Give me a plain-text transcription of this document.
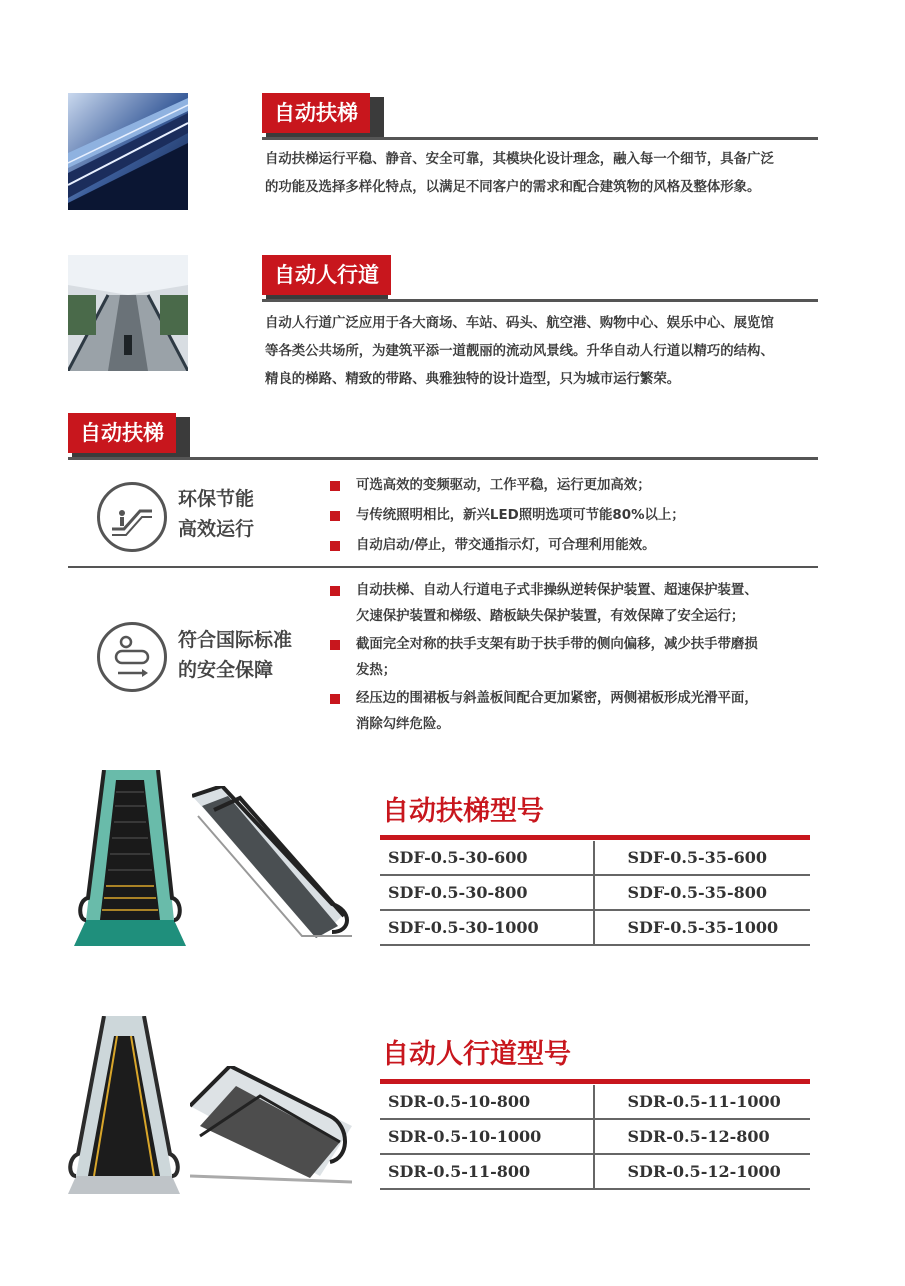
自动扶梯
自动扶梯运行平稳、静音、安全可靠，其模块化设计理念，融入每一个细节，具备广泛
的功能及选择多样化特点，以满足不同客户的需求和配合建筑物的风格及整体形象。
自动人行道
自动人行道广泛应用于各大商场、车站、码头、航空港、购物中心、娱乐中心、展览馆
等各类公共场所，为建筑平添一道靓丽的流动风景线。升华自动人行道以精巧的结构、
精良的梯路、精致的带路、典雅独特的设计造型，只为城市运行繁荣。
自动扶梯
环保节能
高效运行
可选高效的变频驱动，工作平稳，运行更加高效；
与传统照明相比，新兴LED照明选项可节能80%以上；
自动启动/停止，带交通指示灯，可合理利用能效。
符合国际标准
的安全保障
自动扶梯、自动人行道电子式非操纵逆转保护装置、超速保护装置、
欠速保护装置和梯级、踏板缺失保护装置，有效保障了安全运行；
截面完全对称的扶手支架有助于扶手带的侧向偏移，减少扶手带磨损
发热；
经压边的围裙板与斜盖板间配合更加紧密，两侧裙板形成光滑平面，
消除勾绊危险。
自动扶梯型号
SDF-0.5-30-600	SDF-0.5-35-600
SDF-0.5-30-800	SDF-0.5-35-800
SDF-0.5-30-1000	SDF-0.5-35-1000
自动人行道型号
SDR-0.5-10-800	SDR-0.5-11-1000
SDR-0.5-10-1000	SDR-0.5-12-800
SDR-0.5-11-800	SDR-0.5-12-1000
